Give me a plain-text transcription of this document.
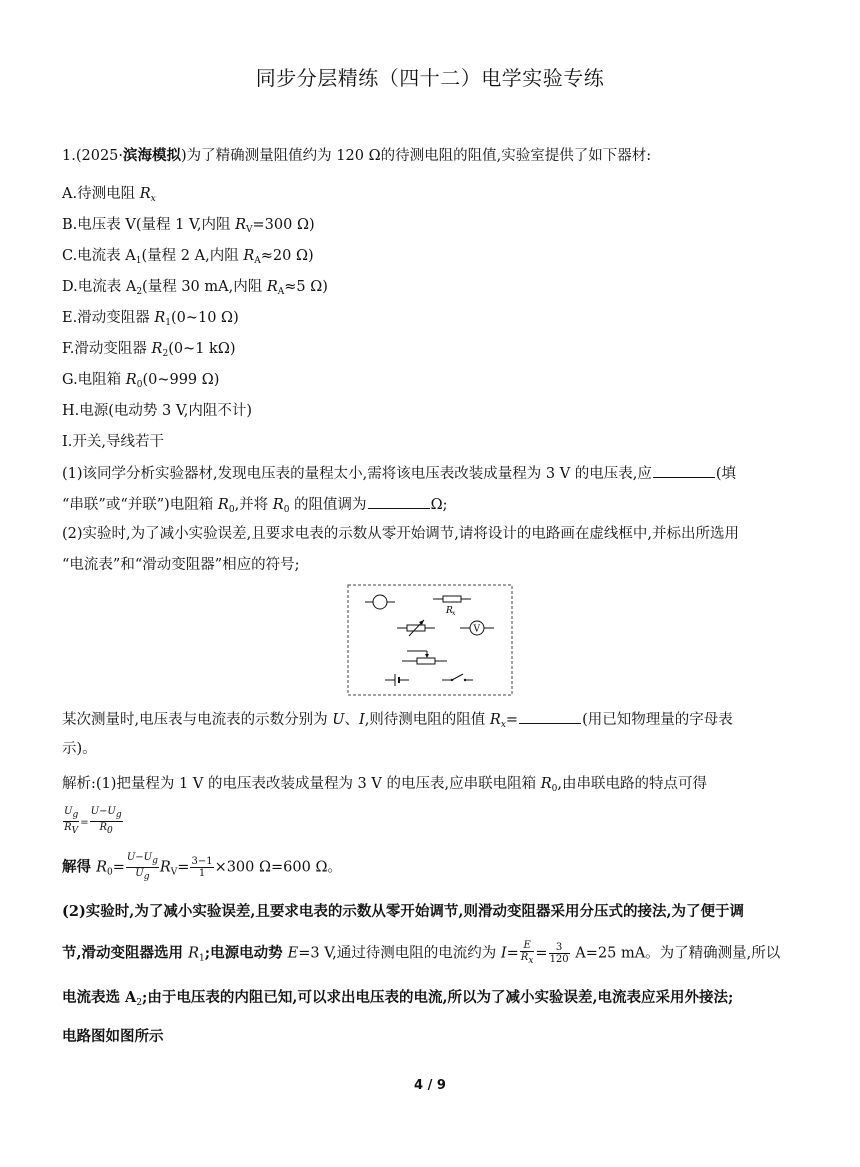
同步分层精练（四十二）电学实验专练
1.(2025·滨海模拟)为了精确测量阻值约为 120 Ω的待测电阻的阻值,实验室提供了如下器材:
A.待测电阻 $R_x$
B.电压表 V(量程 1 V,内阻 $R_V=300$ Ω)
C.电流表 $A_1$(量程 2 A,内阻 $R_A\approx 20$ Ω)
D.电流表 $A_2$(量程 30 mA,内阻 $R_A\approx 5$ Ω)
E.滑动变阻器 $R_1(0\sim 10$ Ω)
F.滑动变阻器 $R_2(0\sim 1$ kΩ)
G.电阻箱 $R_0(0\sim 999$ Ω)
H.电源(电动势 3 V,内阻不计)
I.开关,导线若干
(1)该同学分析实验器材,发现电压表的量程太小,需将该电压表改装成量程为 3 V 的电压表,应	(填
“串联”或“并联”)电阻箱 $R_0$,并将 $R_0$ 的阻值调为	Ω;
(2)实验时,为了减小实验误差,且要求电表的示数从零开始调节,请将设计的电路画在虚线框中,并标出所选用
“电流表”和“滑动变阻器”相应的符号;
R x
V
某次测量时,电压表与电流表的示数分别为 U、I,则待测电阻的阻值 $R_x=$	(用已知物理量的字母表
示)。
解析:(1)把量程为 1 V 的电压表改装成量程为 3 V 的电压表,应串联电阻箱 $R_0$,由串联电路的特点可得
$\frac{U_g}{R_V} = \frac{U-U_g}{R_0}$
解得 $R_0= \frac{U-U_g}{U_g} R_V= \frac{3-1}{1} \times 300$ Ω=600 Ω。
(2)实验时,为了减小实验误差,且要求电表的示数从零开始调节,则滑动变阻器采用分压式的接法,为了便于调
节,滑动变阻器选用 $R_1$;电源电动势 E=3 V,通过待测电阻的电流约为 $I= \frac{E}{R_x} = \frac{3}{120} A=25$ mA。为了精确测量,所以
电流表选 $A_2$;由于电压表的内阻已知,可以求出电压表的电流,所以为了减小实验误差,电流表应采用外接法;
电路图如图所示
4 / 9
